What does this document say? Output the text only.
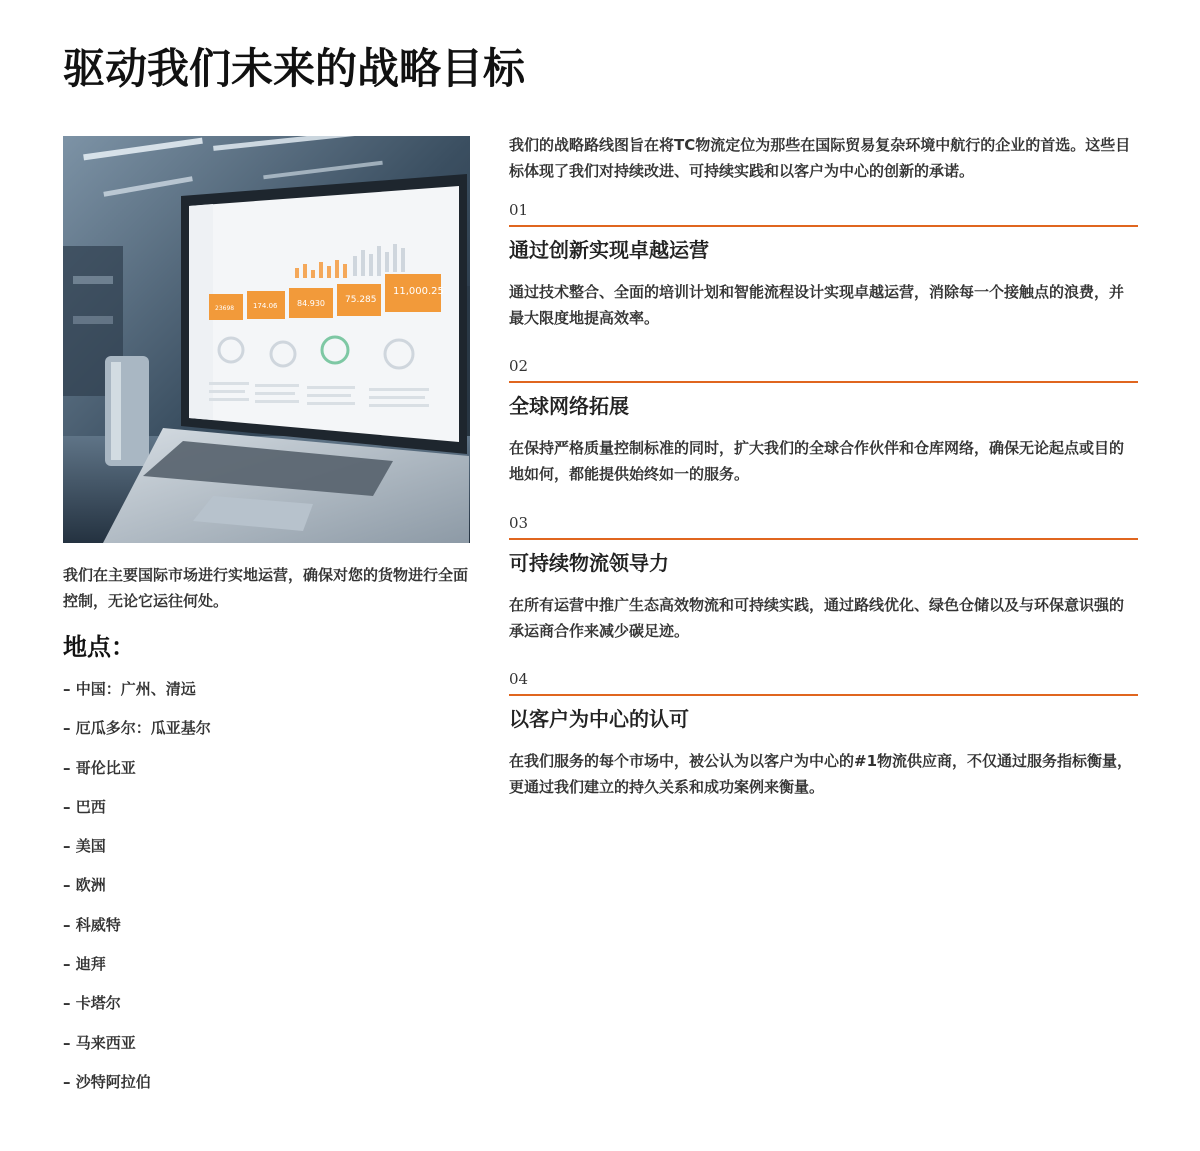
驱动我们未来的战略目标
23698	174.06 84.930 75.285
11,000.25
我们在主要国际市场进行实地运营，确保对您的货物进行全面控制，无论它运往何处。
地点：
– 中国：广州、清远
– 厄瓜多尔：瓜亚基尔
– 哥伦比亚
– 巴西
– 美国
– 欧洲
– 科威特
– 迪拜
– 卡塔尔
– 马来西亚
– 沙特阿拉伯

我们的战略路线图旨在将TC物流定位为那些在国际贸易复杂环境中航行的企业的首选。这些目标体现了我们对持续改进、可持续实践和以客户为中心的创新的承诺。

01
通过创新实现卓越运营
通过技术整合、全面的培训计划和智能流程设计实现卓越运营，消除每一个接触点的浪费，并最大限度地提高效率。
02
全球网络拓展
在保持严格质量控制标准的同时，扩大我们的全球合作伙伴和仓库网络，确保无论起点或目的地如何，都能提供始终如一的服务。
03
可持续物流领导力
在所有运营中推广生态高效物流和可持续实践，通过路线优化、绿色仓储以及与环保意识强的承运商合作来减少碳足迹。
04
以客户为中心的认可
在我们服务的每个市场中，被公认为以客户为中心的#1物流供应商，不仅通过服务指标衡量，更通过我们建立的持久关系和成功案例来衡量。
